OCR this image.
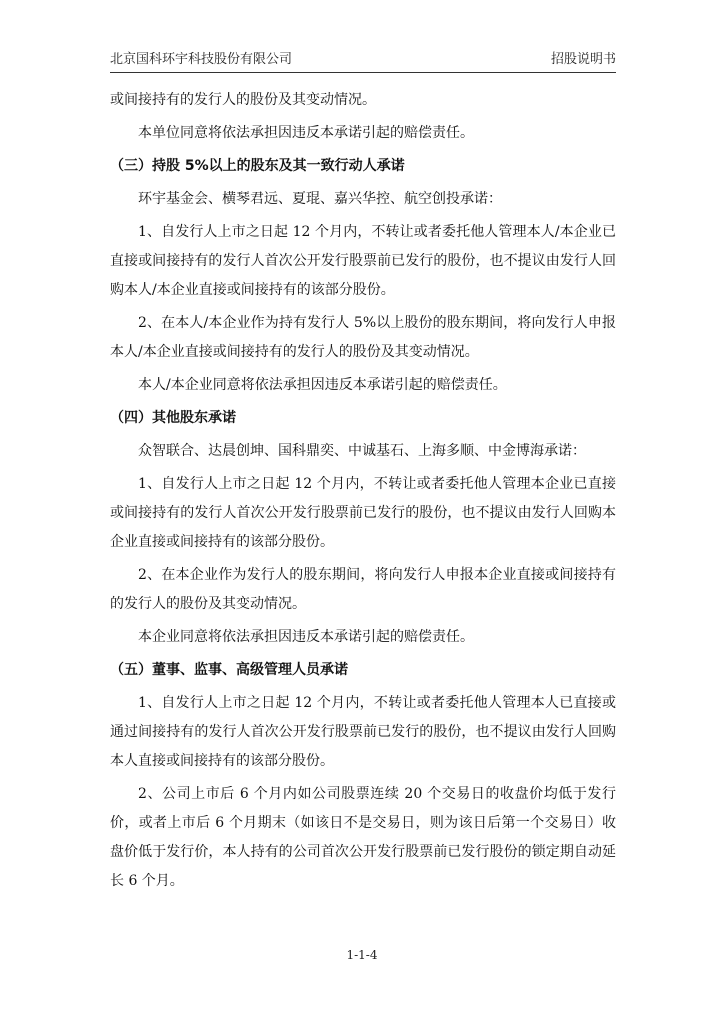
北京国科环宇科技股份有限公司	招股说明书

或间接持有的发行人的股份及其变动情况。

本单位同意将依法承担因违反本承诺引起的赔偿责任。

（三）持股 5%以上的股东及其一致行动人承诺

环宇基金会、横琴君远、夏琨、嘉兴华控、航空创投承诺：

1、自发行人上市之日起 12 个月内，不转让或者委托他人管理本人/本企业已直接或间接持有的发行人首次公开发行股票前已发行的股份，也不提议由发行人回购本人/本企业直接或间接持有的该部分股份。

2、在本人/本企业作为持有发行人 5%以上股份的股东期间，将向发行人申报本人/本企业直接或间接持有的发行人的股份及其变动情况。

本人/本企业同意将依法承担因违反本承诺引起的赔偿责任。

（四）其他股东承诺

众智联合、达晨创坤、国科鼎奕、中诚基石、上海多顺、中金博海承诺：

1、自发行人上市之日起 12 个月内，不转让或者委托他人管理本企业已直接或间接持有的发行人首次公开发行股票前已发行的股份，也不提议由发行人回购本企业直接或间接持有的该部分股份。

2、在本企业作为发行人的股东期间，将向发行人申报本企业直接或间接持有的发行人的股份及其变动情况。

本企业同意将依法承担因违反本承诺引起的赔偿责任。

（五）董事、监事、高级管理人员承诺

1、自发行人上市之日起 12 个月内，不转让或者委托他人管理本人已直接或通过间接持有的发行人首次公开发行股票前已发行的股份，也不提议由发行人回购本人直接或间接持有的该部分股份。

2、公司上市后 6 个月内如公司股票连续 20 个交易日的收盘价均低于发行价，或者上市后 6 个月期末（如该日不是交易日，则为该日后第一个交易日）收盘价低于发行价，本人持有的公司首次公开发行股票前已发行股份的锁定期自动延长 6 个月。

1-1-4
